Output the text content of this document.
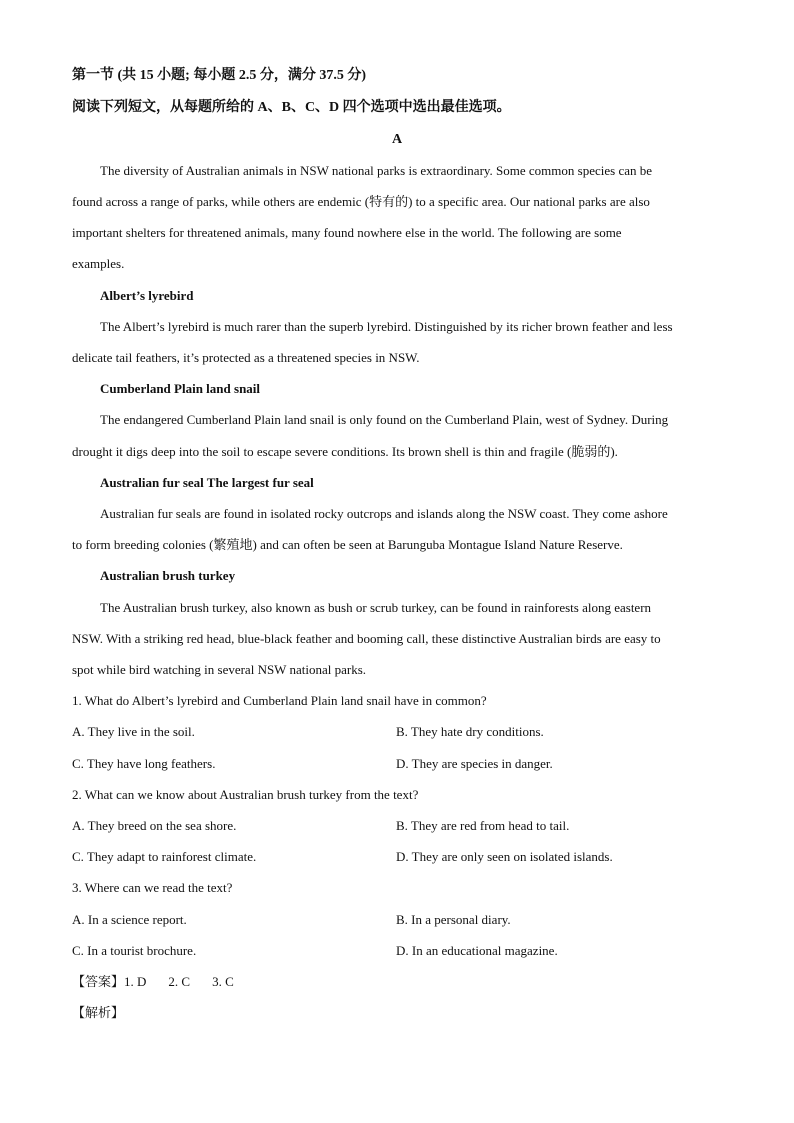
第一节 (共 15 小题; 每小题 2.5 分，满分 37.5 分)
阅读下列短文，从每题所给的 A、B、C、D 四个选项中选出最佳选项。
A
The diversity of Australian animals in NSW national parks is extraordinary. Some common species can be
found across a range of parks, while others are endemic (特有的) to a specific area. Our national parks are also
important shelters for threatened animals, many found nowhere else in the world. The following are some
examples.
Albert’s lyrebird
The Albert’s lyrebird is much rarer than the superb lyrebird. Distinguished by its richer brown feather and less
delicate tail feathers, it’s protected as a threatened species in NSW.
Cumberland Plain land snail
The endangered Cumberland Plain land snail is only found on the Cumberland Plain, west of Sydney. During
drought it digs deep into the soil to escape severe conditions. Its brown shell is thin and fragile (脆弱的).
Australian fur seal The largest fur seal
Australian fur seals are found in isolated rocky outcrops and islands along the NSW coast. They come ashore
to form breeding colonies (繁殖地) and can often be seen at Barunguba Montague Island Nature Reserve.
Australian brush turkey
The Australian brush turkey, also known as bush or scrub turkey, can be found in rainforests along eastern
NSW. With a striking red head, blue-black feather and booming call, these distinctive Australian birds are easy to
spot while bird watching in several NSW national parks.
1. What do Albert’s lyrebird and Cumberland Plain land snail have in common?
A. They live in the soil.	B. They hate dry conditions.
C. They have long feathers.	D. They are species in danger.
2. What can we know about Australian brush turkey from the text?
A. They breed on the sea shore.	B. They are red from head to tail.
C. They adapt to rainforest climate.	D. They are only seen on isolated islands.
3. Where can we read the text?
A. In a science report.	B. In a personal diary.
C. In a tourist brochure.	D. In an educational magazine.
【答案】1. D 2. C 3. C
【解析】
